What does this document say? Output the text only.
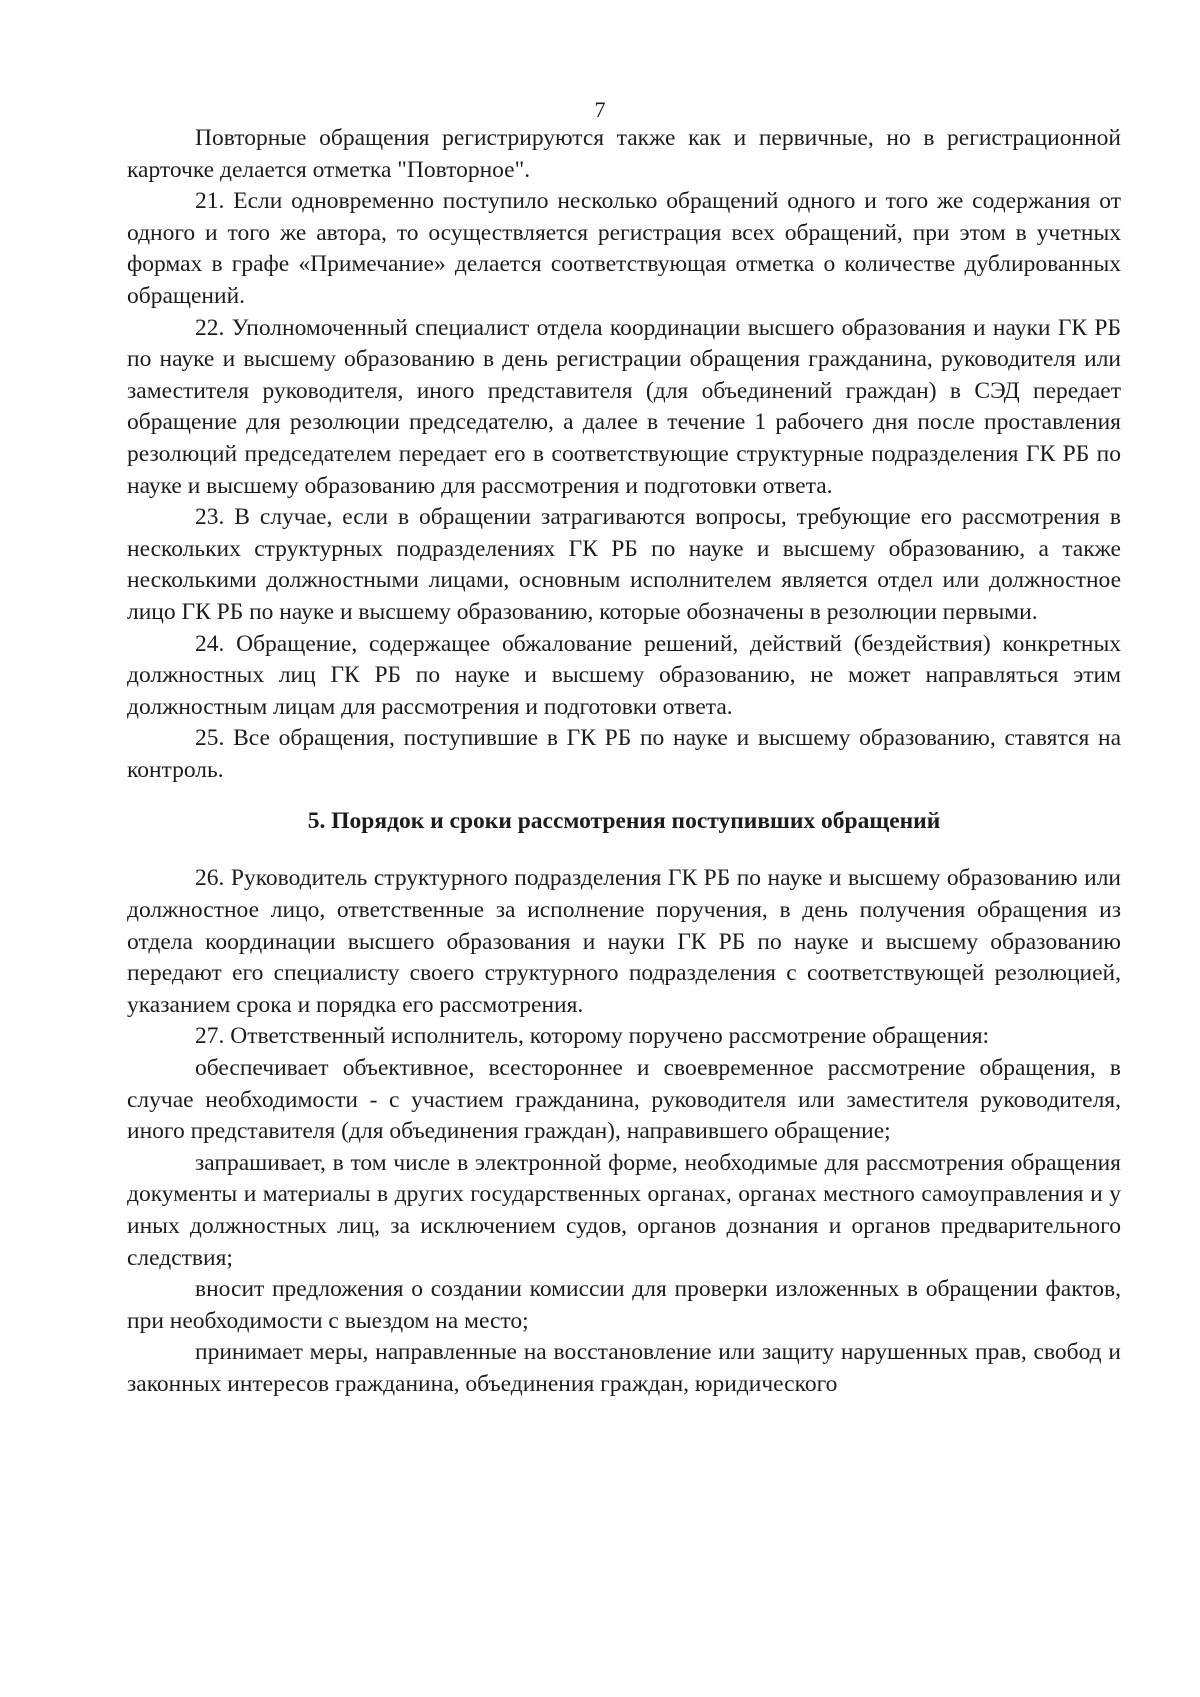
7

Повторные обращения регистрируются также как и первичные, но в регистрационной карточке делается отметка "Повторное".

21. Если одновременно поступило несколько обращений одного и того же содержания от одного и того же автора, то осуществляется регистрация всех обращений, при этом в учетных формах в графе «Примечание» делается соответствующая отметка о количестве дублированных обращений.

22. Уполномоченный специалист отдела координации высшего образования и науки ГК РБ по науке и высшему образованию в день регистрации обращения гражданина, руководителя или заместителя руководителя, иного представителя (для объединений граждан) в СЭД передает обращение для резолюции председателю, а далее в течение 1 рабочего дня после проставления резолюций председателем передает его в соответствующие структурные подразделения ГК РБ по науке и высшему образованию для рассмотрения и подготовки ответа.

23. В случае, если в обращении затрагиваются вопросы, требующие его рассмотрения в нескольких структурных подразделениях ГК РБ по науке и высшему образованию, а также несколькими должностными лицами, основным исполнителем является отдел или должностное лицо ГК РБ по науке и высшему образованию, которые обозначены в резолюции первыми.

24. Обращение, содержащее обжалование решений, действий (бездействия) конкретных должностных лиц ГК РБ по науке и высшему образованию, не может направляться этим должностным лицам для рассмотрения и подготовки ответа.

25. Все обращения, поступившие в ГК РБ по науке и высшему образованию, ставятся на контроль.

5. Порядок и сроки рассмотрения поступивших обращений

26. Руководитель структурного подразделения ГК РБ по науке и высшему образованию или должностное лицо, ответственные за исполнение поручения, в день получения обращения из отдела координации высшего образования и науки ГК РБ по науке и высшему образованию передают его специалисту своего структурного подразделения с соответствующей резолюцией, указанием срока и порядка его рассмотрения.

27. Ответственный исполнитель, которому поручено рассмотрение обращения:

обеспечивает объективное, всестороннее и своевременное рассмотрение обращения, в случае необходимости - с участием гражданина, руководителя или заместителя руководителя, иного представителя (для объединения граждан), направившего обращение;

запрашивает, в том числе в электронной форме, необходимые для рассмотрения обращения документы и материалы в других государственных органах, органах местного самоуправления и у иных должностных лиц, за исключением судов, органов дознания и органов предварительного следствия;

вносит предложения о создании комиссии для проверки изложенных в обращении фактов, при необходимости с выездом на место;

принимает меры, направленные на восстановление или защиту нарушенных прав, свобод и законных интересов гражданина, объединения граждан, юридического
